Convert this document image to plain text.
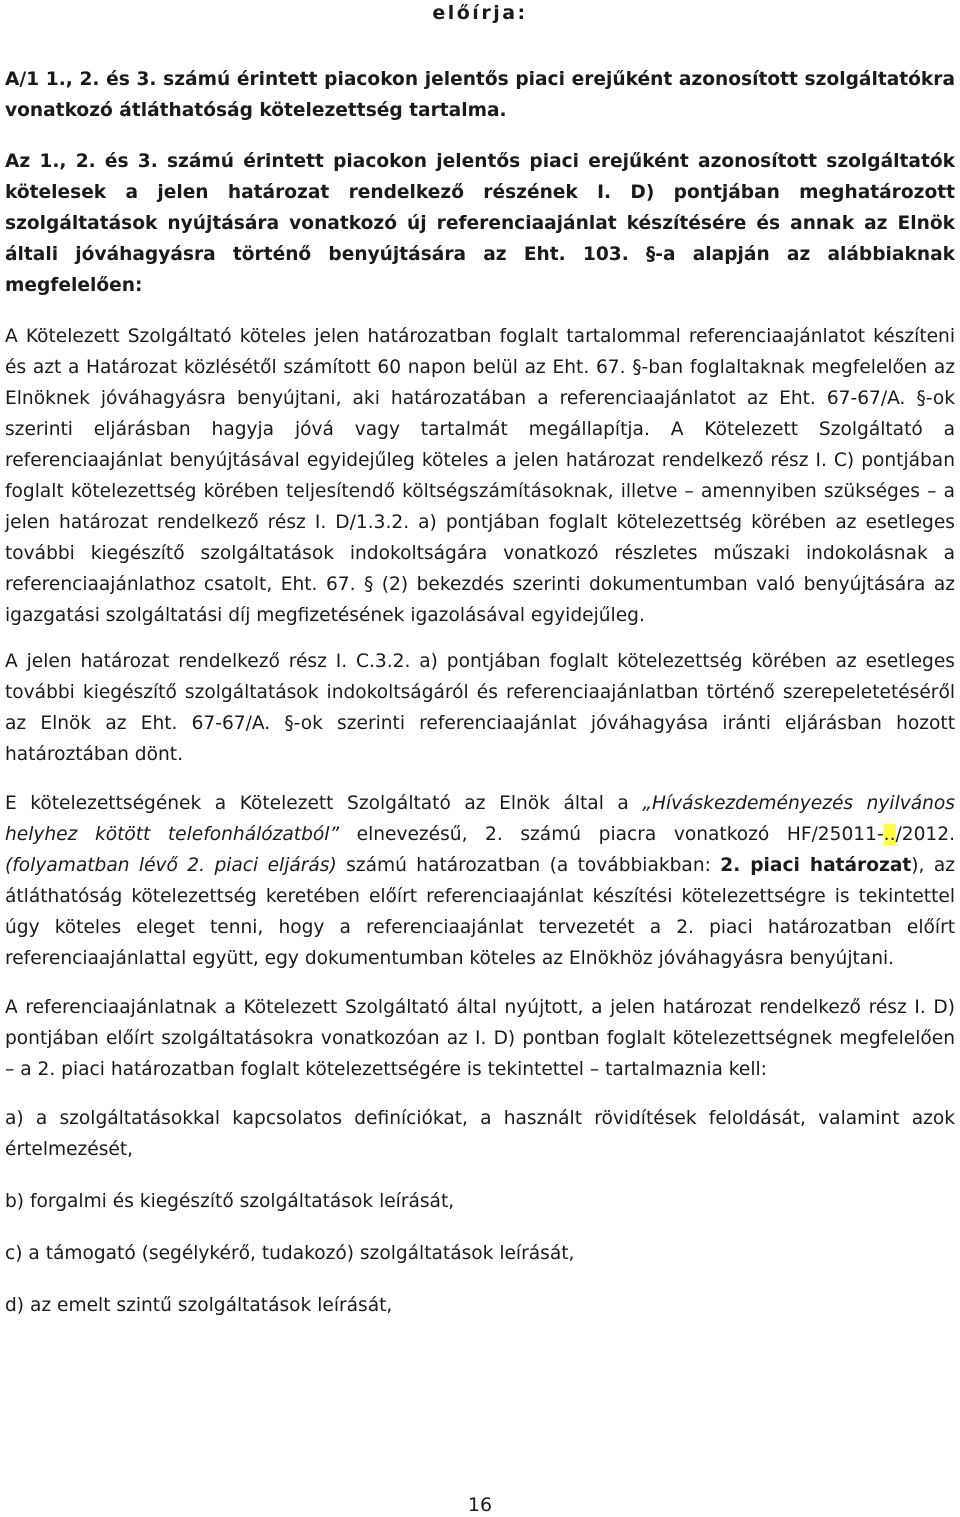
előírja:

A/1 1., 2. és 3. számú érintett piacokon jelentős piaci erejűként azonosított szolgáltatókra vonatkozó átláthatóság kötelezettség tartalma.

Az 1., 2. és 3. számú érintett piacokon jelentős piaci erejűként azonosított szolgáltatók kötelesek a jelen határozat rendelkező részének I. D) pontjában meghatározott szolgáltatások nyújtására vonatkozó új referenciaajánlat készítésére és annak az Elnök általi jóváhagyásra történő benyújtására az Eht. 103. §-a alapján az alábbiaknak megfelelően:

A Kötelezett Szolgáltató köteles jelen határozatban foglalt tartalommal referenciaajánlatot készíteni és azt a Határozat közlésétől számított 60 napon belül az Eht. 67. §-ban foglaltaknak megfelelően az Elnöknek jóváhagyásra benyújtani, aki határozatában a referenciaajánlatot az Eht. 67-67/A. §-ok szerinti eljárásban hagyja jóvá vagy tartalmát megállapítja. A Kötelezett Szolgáltató a referenciaajánlat benyújtásával egyidejűleg köteles a jelen határozat rendelkező rész I. C) pontjában foglalt kötelezettség körében teljesítendő költségszámításoknak, illetve – amennyiben szükséges – a jelen határozat rendelkező rész I. D/1.3.2. a) pontjában foglalt kötelezettség körében az esetleges további kiegészítő szolgáltatások indokoltságára vonatkozó részletes műszaki indokolásnak a referenciaajánlathoz csatolt, Eht. 67. § (2) bekezdés szerinti dokumentumban való benyújtására az igazgatási szolgáltatási díj megfizetésének igazolásával egyidejűleg.

A jelen határozat rendelkező rész I. C.3.2. a) pontjában foglalt kötelezettség körében az esetleges további kiegészítő szolgáltatások indokoltságáról és referenciaajánlatban történő szerepeletetéséről az Elnök az Eht. 67-67/A. §-ok szerinti referenciaajánlat jóváhagyása iránti eljárásban hozott határoztában dönt.

E kötelezettségének a Kötelezett Szolgáltató az Elnök által a „Híváskezdeményezés nyilvános helyhez kötött telefonhálózatból” elnevezésű, 2. számú piacra vonatkozó HF/25011-../2012. (folyamatban lévő 2. piaci eljárás) számú határozatban (a továbbiakban: 2. piaci határozat), az átláthatóság kötelezettség keretében előírt referenciaajánlat készítési kötelezettségre is tekintettel úgy köteles eleget tenni, hogy a referenciaajánlat tervezetét a 2. piaci határozatban előírt referenciaajánlattal együtt, egy dokumentumban köteles az Elnökhöz jóváhagyásra benyújtani.

A referenciaajánlatnak a Kötelezett Szolgáltató által nyújtott, a jelen határozat rendelkező rész I. D) pontjában előírt szolgáltatásokra vonatkozóan az I. D) pontban foglalt kötelezettségnek megfelelően – a 2. piaci határozatban foglalt kötelezettségére is tekintettel – tartalmaznia kell:

a) a szolgáltatásokkal kapcsolatos definíciókat, a használt rövidítések feloldását, valamint azok értelmezését,

b) forgalmi és kiegészítő szolgáltatások leírását,

c) a támogató (segélykérő, tudakozó) szolgáltatások leírását,

d) az emelt szintű szolgáltatások leírását,

16
